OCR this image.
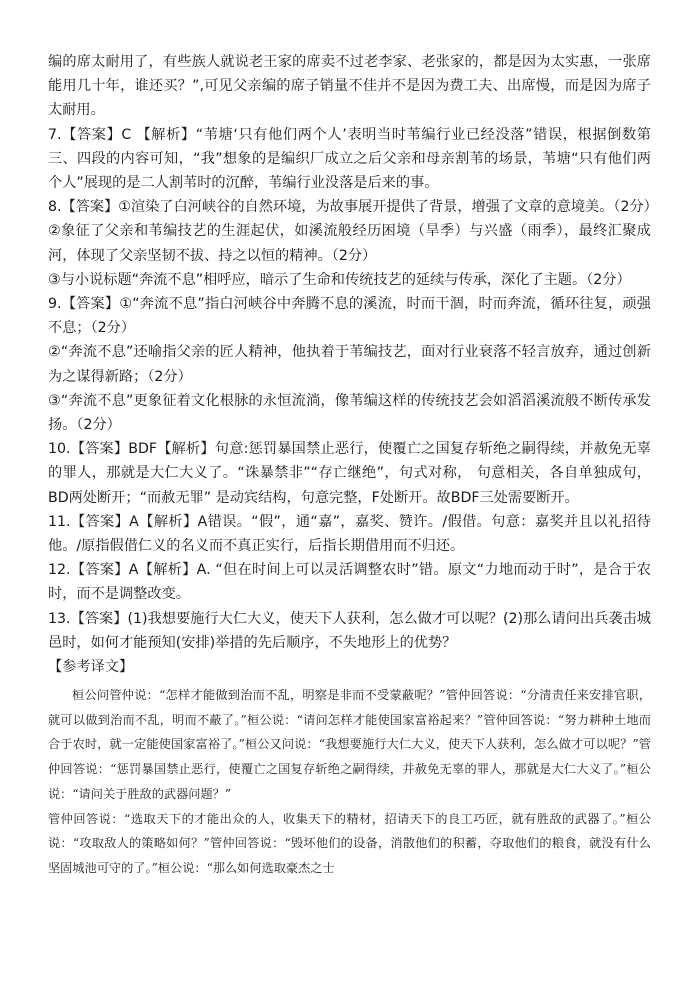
编的席太耐用了，有些族人就说老王家的席卖不过老李家、老张家的，都是因为太实惠，一张席能用几十年，谁还买？”,可见父亲编的席子销量不佳并不是因为费工夫、出席慢，而是因为席子太耐用。

7.【答案】C 【解析】“苇塘‘只有他们两个人’表明当时苇编行业已经没落”错误，根据倒数第三、四段的内容可知，“我”想象的是编织厂成立之后父亲和母亲割苇的场景，苇塘“只有他们两个人”展现的是二人割苇时的沉醉，苇编行业没落是后来的事。

8.【答案】①渲染了白河峡谷的自然环境，为故事展开提供了背景，增强了文章的意境美。（2分）

②象征了父亲和苇编技艺的生涯起伏，如溪流般经历困境（旱季）与兴盛（雨季），最终汇聚成河，体现了父亲坚韧不拔、持之以恒的精神。（2分）

③与小说标题“奔流不息”相呼应，暗示了生命和传统技艺的延续与传承，深化了主题。（2分）

9.【答案】①“奔流不息”指白河峡谷中奔腾不息的溪流，时而干涸，时而奔流，循环往复，顽强不息；（2分）

②“奔流不息”还喻指父亲的匠人精神，他执着于苇编技艺，面对行业衰落不轻言放弃，通过创新为之谋得新路；（2分）

③“奔流不息”更象征着文化根脉的永恒流淌，像苇编这样的传统技艺会如滔滔溪流般不断传承发扬。（2分）

10.【答案】BDF【解析】句意:惩罚暴国禁止恶行，使覆亡之国复存斩绝之嗣得续，并赦免无辜的罪人，那就是大仁大义了。“诛暴禁非”“存亡继绝”，句式对称， 句意相关，各自单独成句，BD两处断开；“而赦无罪” 是动宾结构，句意完整，F处断开。故BDF三处需要断开。

11.【答案】A【解析】A错误。“假”，通“嘉”，嘉奖、赞许。/假借。句意：嘉奖并且以礼招待他。/原指假借仁义的名义而不真正实行，后指长期借用而不归还。

12.【答案】A【解析】A. “但在时间上可以灵活调整农时”错。原文“力地而动于时”，是合于农时，而不是调整改变。

13.【答案】(1)我想要施行大仁大义，使天下人获利，怎么做才可以呢？(2)那么请问出兵袭击城邑时，如何才能预知(安排)举措的先后顺序，不失地形上的优势？

【参考译文】

桓公问管仲说：“怎样才能做到治而不乱，明察是非而不受蒙蔽呢？”管仲回答说：“分清责任来安排官职，就可以做到治而不乱，明而不蔽了。”桓公说：“请问怎样才能使国家富裕起来？”管仲回答说：“努力耕种土地而合于农时，就一定能使国家富裕了。”桓公又问说：“我想要施行大仁大义，使天下人获利，怎么做才可以呢？”管仲回答说：“惩罚暴国禁止恶行，使覆亡之国复存斩绝之嗣得续，并赦免无辜的罪人，那就是大仁大义了。”桓公说：“请问关于胜敌的武器问题？”

管仲回答说：“选取天下的才能出众的人，收集天下的精材，招请天下的良工巧匠，就有胜敌的武器了。”桓公说：“攻取敌人的策略如何？”管仲回答说：“毁坏他们的设备，消散他们的积蓄，夺取他们的粮食，就没有什么坚固城池可守的了。”桓公说：“那么如何选取豪杰之士
